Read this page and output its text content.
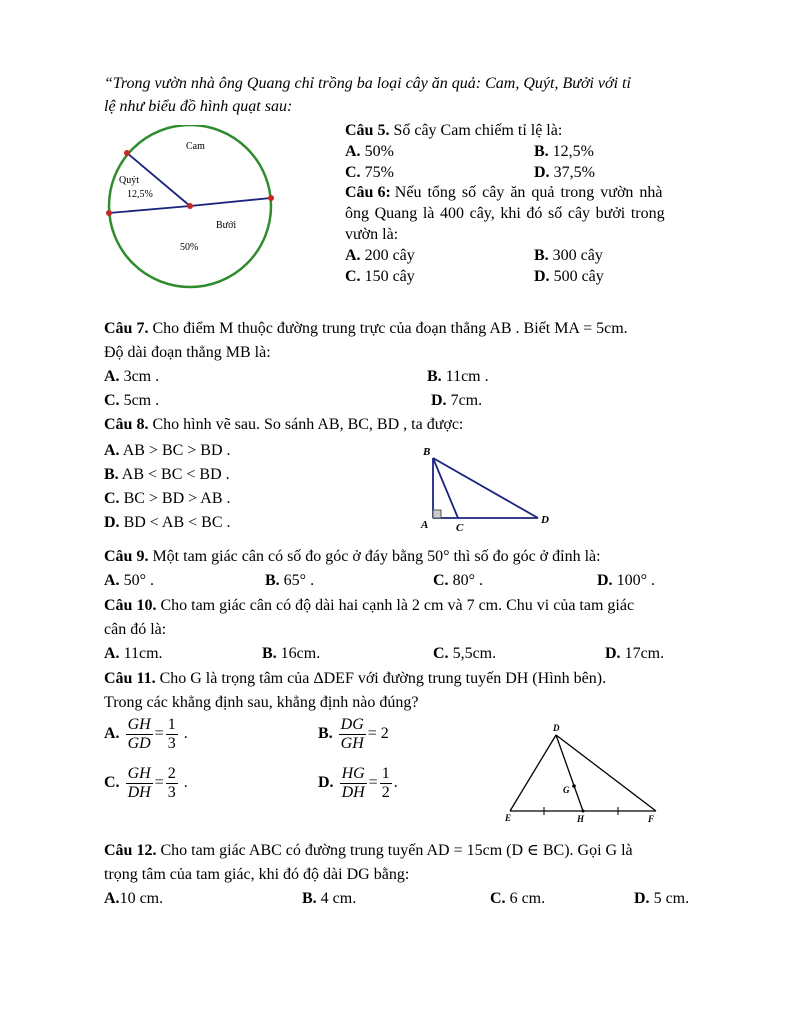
“Trong vườn nhà ông Quang chỉ trồng ba loại cây ăn quả: Cam, Quýt, Bưởi với tỉ
lệ như biểu đồ hình quạt sau:
Cam
Quýt
12,5%
Bưởi
50%
Câu 5. Số cây Cam chiếm tỉ lệ là:
A. 50%	B. 12,5%
C. 75%	D. 37,5%
Câu 6: Nếu tổng số cây ăn quả trong vườn nhà
ông Quang là 400 cây, khi đó số cây bưởi trong
vườn là:
A. 200 cây	B. 300 cây
C. 150 cây	D. 500 cây
Câu 7. Cho điểm M thuộc đường trung trực của đoạn thẳng AB . Biết MA = 5cm.
Độ dài đoạn thẳng MB là:
A. 3cm .	B. 11cm .
C. 5cm .	D. 7cm.
Câu 8. Cho hình vẽ sau. So sánh AB, BC, BD , ta được:
A. AB > BC > BD .
B. AB < BC < BD .
C. BC > BD > AB .
D. BD < AB < BC .
B
A	C
D
Câu 9. Một tam giác cân có số đo góc ở đáy bằng 50° thì số đo góc ở đỉnh là:
A. 50° .	B. 65° .	C. 80° .	D. 100° .
Câu 10. Cho tam giác cân có độ dài hai cạnh là 2 cm và 7 cm. Chu vi của tam giác
cân đó là:
A. 11cm.	B. 16cm.	C. 5,5cm.	D. 17cm.
Câu 11. Cho G là trọng tâm của ΔDEF với đường trung tuyến DH (Hình bên).
Trong các khẳng định sau, khẳng định nào đúng?
A. $\frac{GH}{GD} = \frac{1}{3}$ .	B. $\frac{DG}{GH} = 2$
C. $\frac{GH}{DH} = \frac{2}{3}$ .	D. $\frac{HG}{DH} = \frac{1}{2}$ .
D
G
E	H	F
Câu 12. Cho tam giác ABC có đường trung tuyến AD = 15cm (D ∈ BC). Gọi G là
trọng tâm của tam giác, khi đó độ dài DG bằng:
A.10 cm.	B. 4 cm.	C. 6 cm.	D. 5 cm.
